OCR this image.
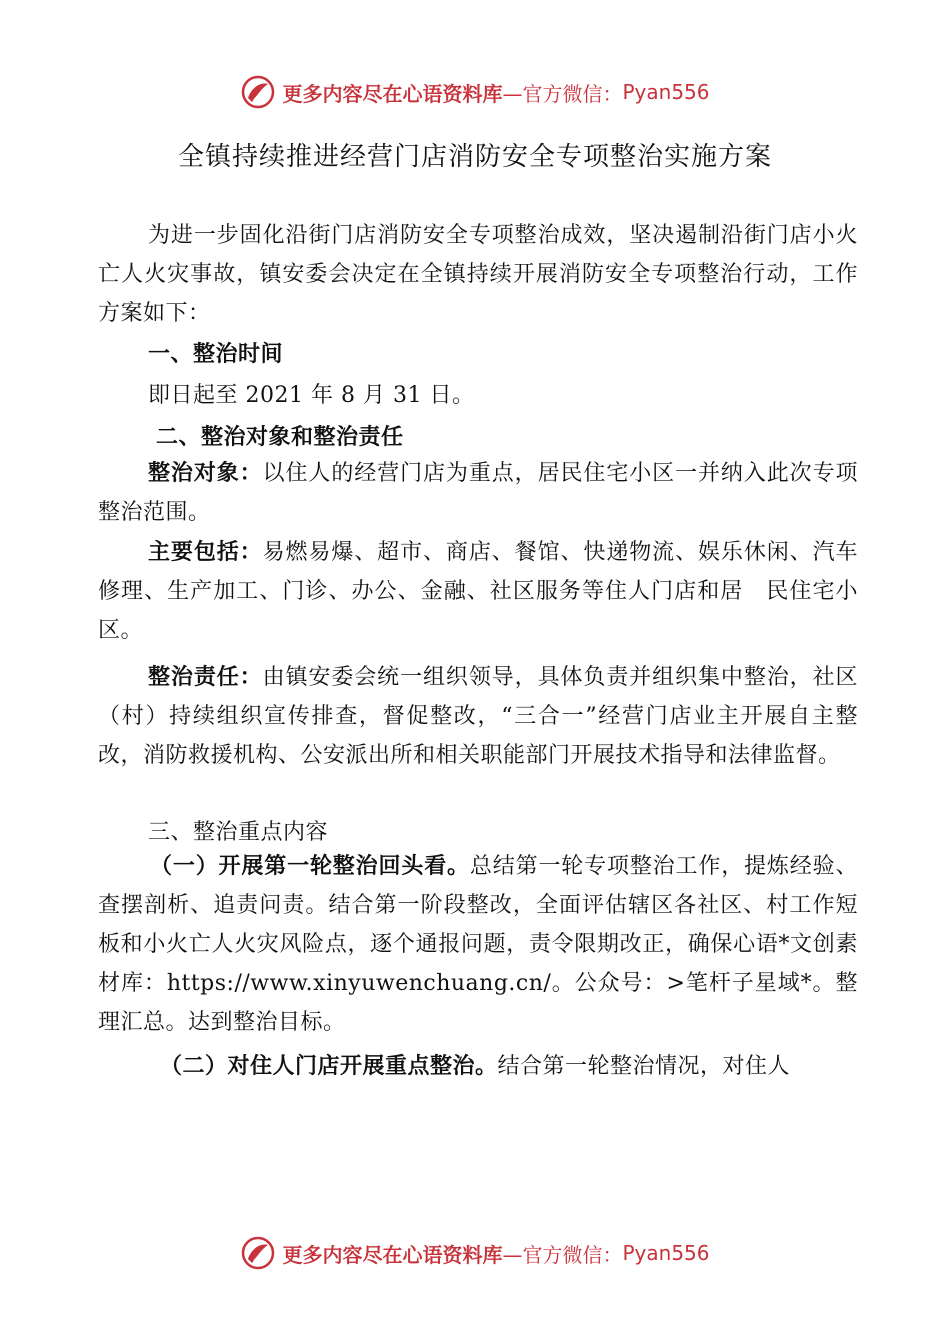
更多内容尽在心语资料库 —官方微信： Pyan556
全镇持续推进经营门店消防安全专项整治实施方案
为进一步固化沿街门店消防安全专项整治成效，坚决遏制沿街门店小火亡人火灾事故，镇安委会决定在全镇持续开展消防安全专项整治行动，工作方案如下：
一、整治时间
即日起至 2021 年 8 月 31 日。
二、整治对象和整治责任
整治对象：以住人的经营门店为重点，居民住宅小区一并纳入此次专项整治范围。
主要包括：易燃易爆、超市、商店、餐馆、快递物流、娱乐休闲、汽车修理、生产加工、门诊、办公、金融、社区服务等住人门店和居　民住宅小区。
整治责任：由镇安委会统一组织领导，具体负责并组织集中整治，社区（村）持续组织宣传排查，督促整改，“三合一”经营门店业主开展自主整改，消防救援机构、公安派出所和相关职能部门开展技术指导和法律监督。
三、整治重点内容
（一）开展第一轮整治回头看。总结第一轮专项整治工作，提炼经验、查摆剖析、追责问责。结合第一阶段整改，全面评估辖区各社区、村工作短板和小火亡人火灾风险点，逐个通报问题，责令限期改正，确保心语*文创素材库：https://www.xinyuwenchuang.cn/。公众号：>笔杆子星域*。整理汇总。达到整治目标。
（二）对住人门店开展重点整治。结合第一轮整治情况，对住人
更多内容尽在心语资料库 —官方微信： Pyan556
